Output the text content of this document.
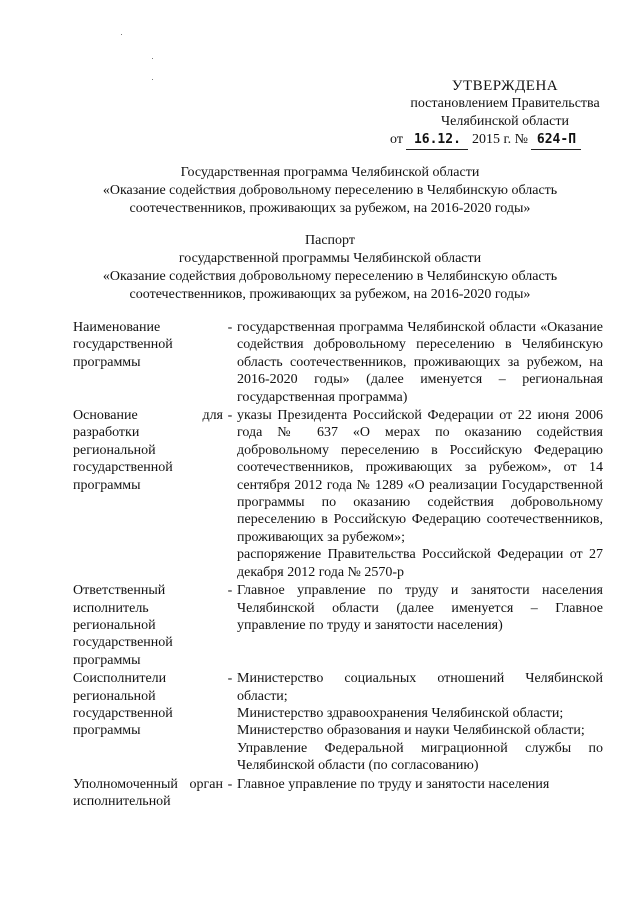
УТВЕРЖДЕНА
постановлением Правительства
Челябинской области
от 16.12. 2015 г. № 624-П
Государственная программа Челябинской области
«Оказание содействия добровольному переселению в Челябинскую область
соотечественников, проживающих за рубежом, на 2016-2020 годы»
Паспорт
государственной программы Челябинской области
«Оказание содействия добровольному переселению в Челябинскую область
соотечественников, проживающих за рубежом, на 2016-2020 годы»
Наименование государственной программы
- государственная программа Челябинской области «Оказание содействия добровольному переселению в Челябинскую область соотечественников, проживающих за рубежом, на 2016-2020 годы» (далее именуется – региональная государственная программа)

Основание для разработки региональной государственной программы
- указы Президента Российской Федерации от 22 июня 2006 года № 637 «О мерах по оказанию содействия добровольному переселению в Российскую Федерацию соотечественников, проживающих за рубежом», от 14 сентября 2012 года № 1289 «О реализации Государственной программы по оказанию содействия добровольному переселению в Российскую Федерацию соотечественников, проживающих за рубежом»;

распоряжение Правительства Российской Федерации от 27 декабря 2012 года № 2570-р

Ответственный исполнитель региональной государственной программы
- Главное управление по труду и занятости населения Челябинской области (далее именуется – Главное управление по труду и занятости населения)

Соисполнители региональной государственной программы
- Министерство социальных отношений Челябинской области;

Министерство здравоохранения Челябинской области;

Министерство образования и науки Челябинской области;

Управление Федеральной миграционной службы по Челябинской области (по согласованию)

Уполномоченный орган исполнительной
- Главное управление по труду и занятости населения
